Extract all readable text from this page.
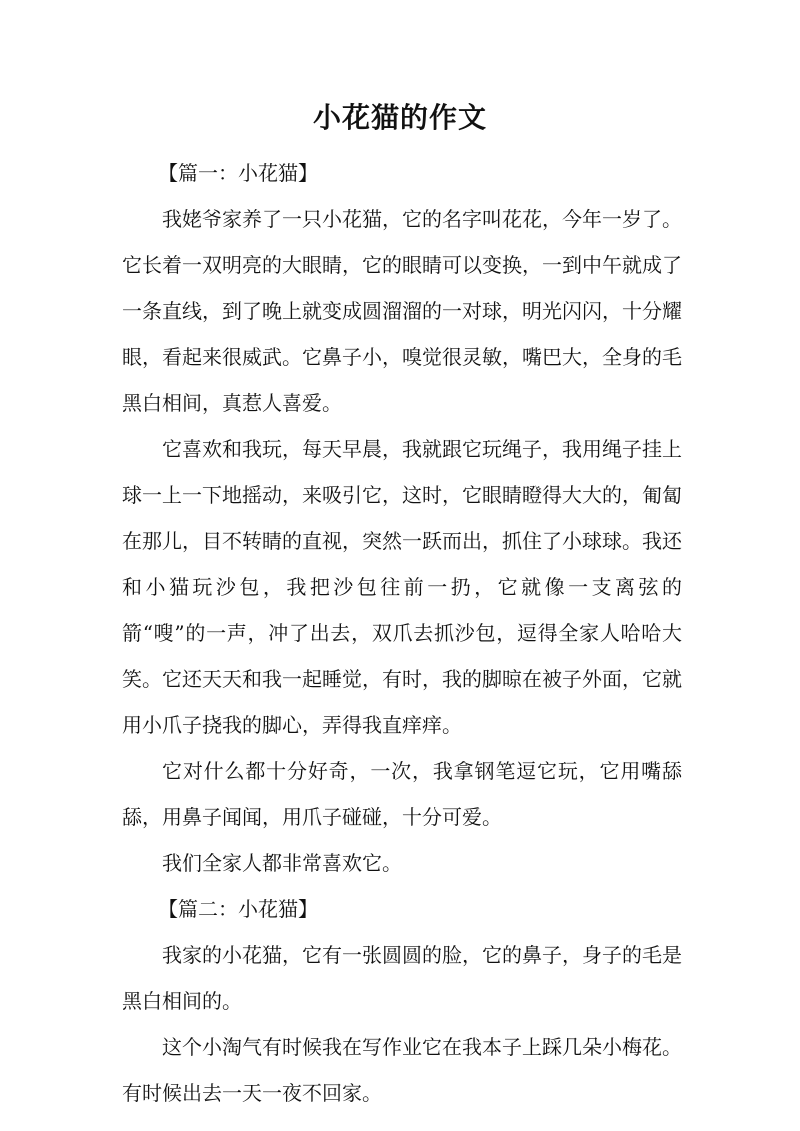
小花猫的作文

【篇一：小花猫】

我姥爷家养了一只小花猫，它的名字叫花花，今年一岁了。它长着一双明亮的大眼睛，它的眼睛可以变换，一到中午就成了一条直线，到了晚上就变成圆溜溜的一对球，明光闪闪，十分耀眼，看起来很威武。它鼻子小，嗅觉很灵敏，嘴巴大，全身的毛黑白相间，真惹人喜爱。

它喜欢和我玩，每天早晨，我就跟它玩绳子，我用绳子挂上球一上一下地摇动，来吸引它，这时，它眼睛瞪得大大的，匍匐在那儿，目不转睛的直视，突然一跃而出，抓住了小球球。我还和小猫玩沙包，我把沙包往前一扔，它就像一支离弦的箭“嗖”的一声，冲了出去，双爪去抓沙包，逗得全家人哈哈大笑。它还天天和我一起睡觉，有时，我的脚晾在被子外面，它就用小爪子挠我的脚心，弄得我直痒痒。

它对什么都十分好奇，一次，我拿钢笔逗它玩，它用嘴舔舔，用鼻子闻闻，用爪子碰碰，十分可爱。

我们全家人都非常喜欢它。

【篇二：小花猫】

我家的小花猫，它有一张圆圆的脸，它的鼻子，身子的毛是黑白相间的。

这个小淘气有时候我在写作业它在我本子上踩几朵小梅花。有时候出去一天一夜不回家。
